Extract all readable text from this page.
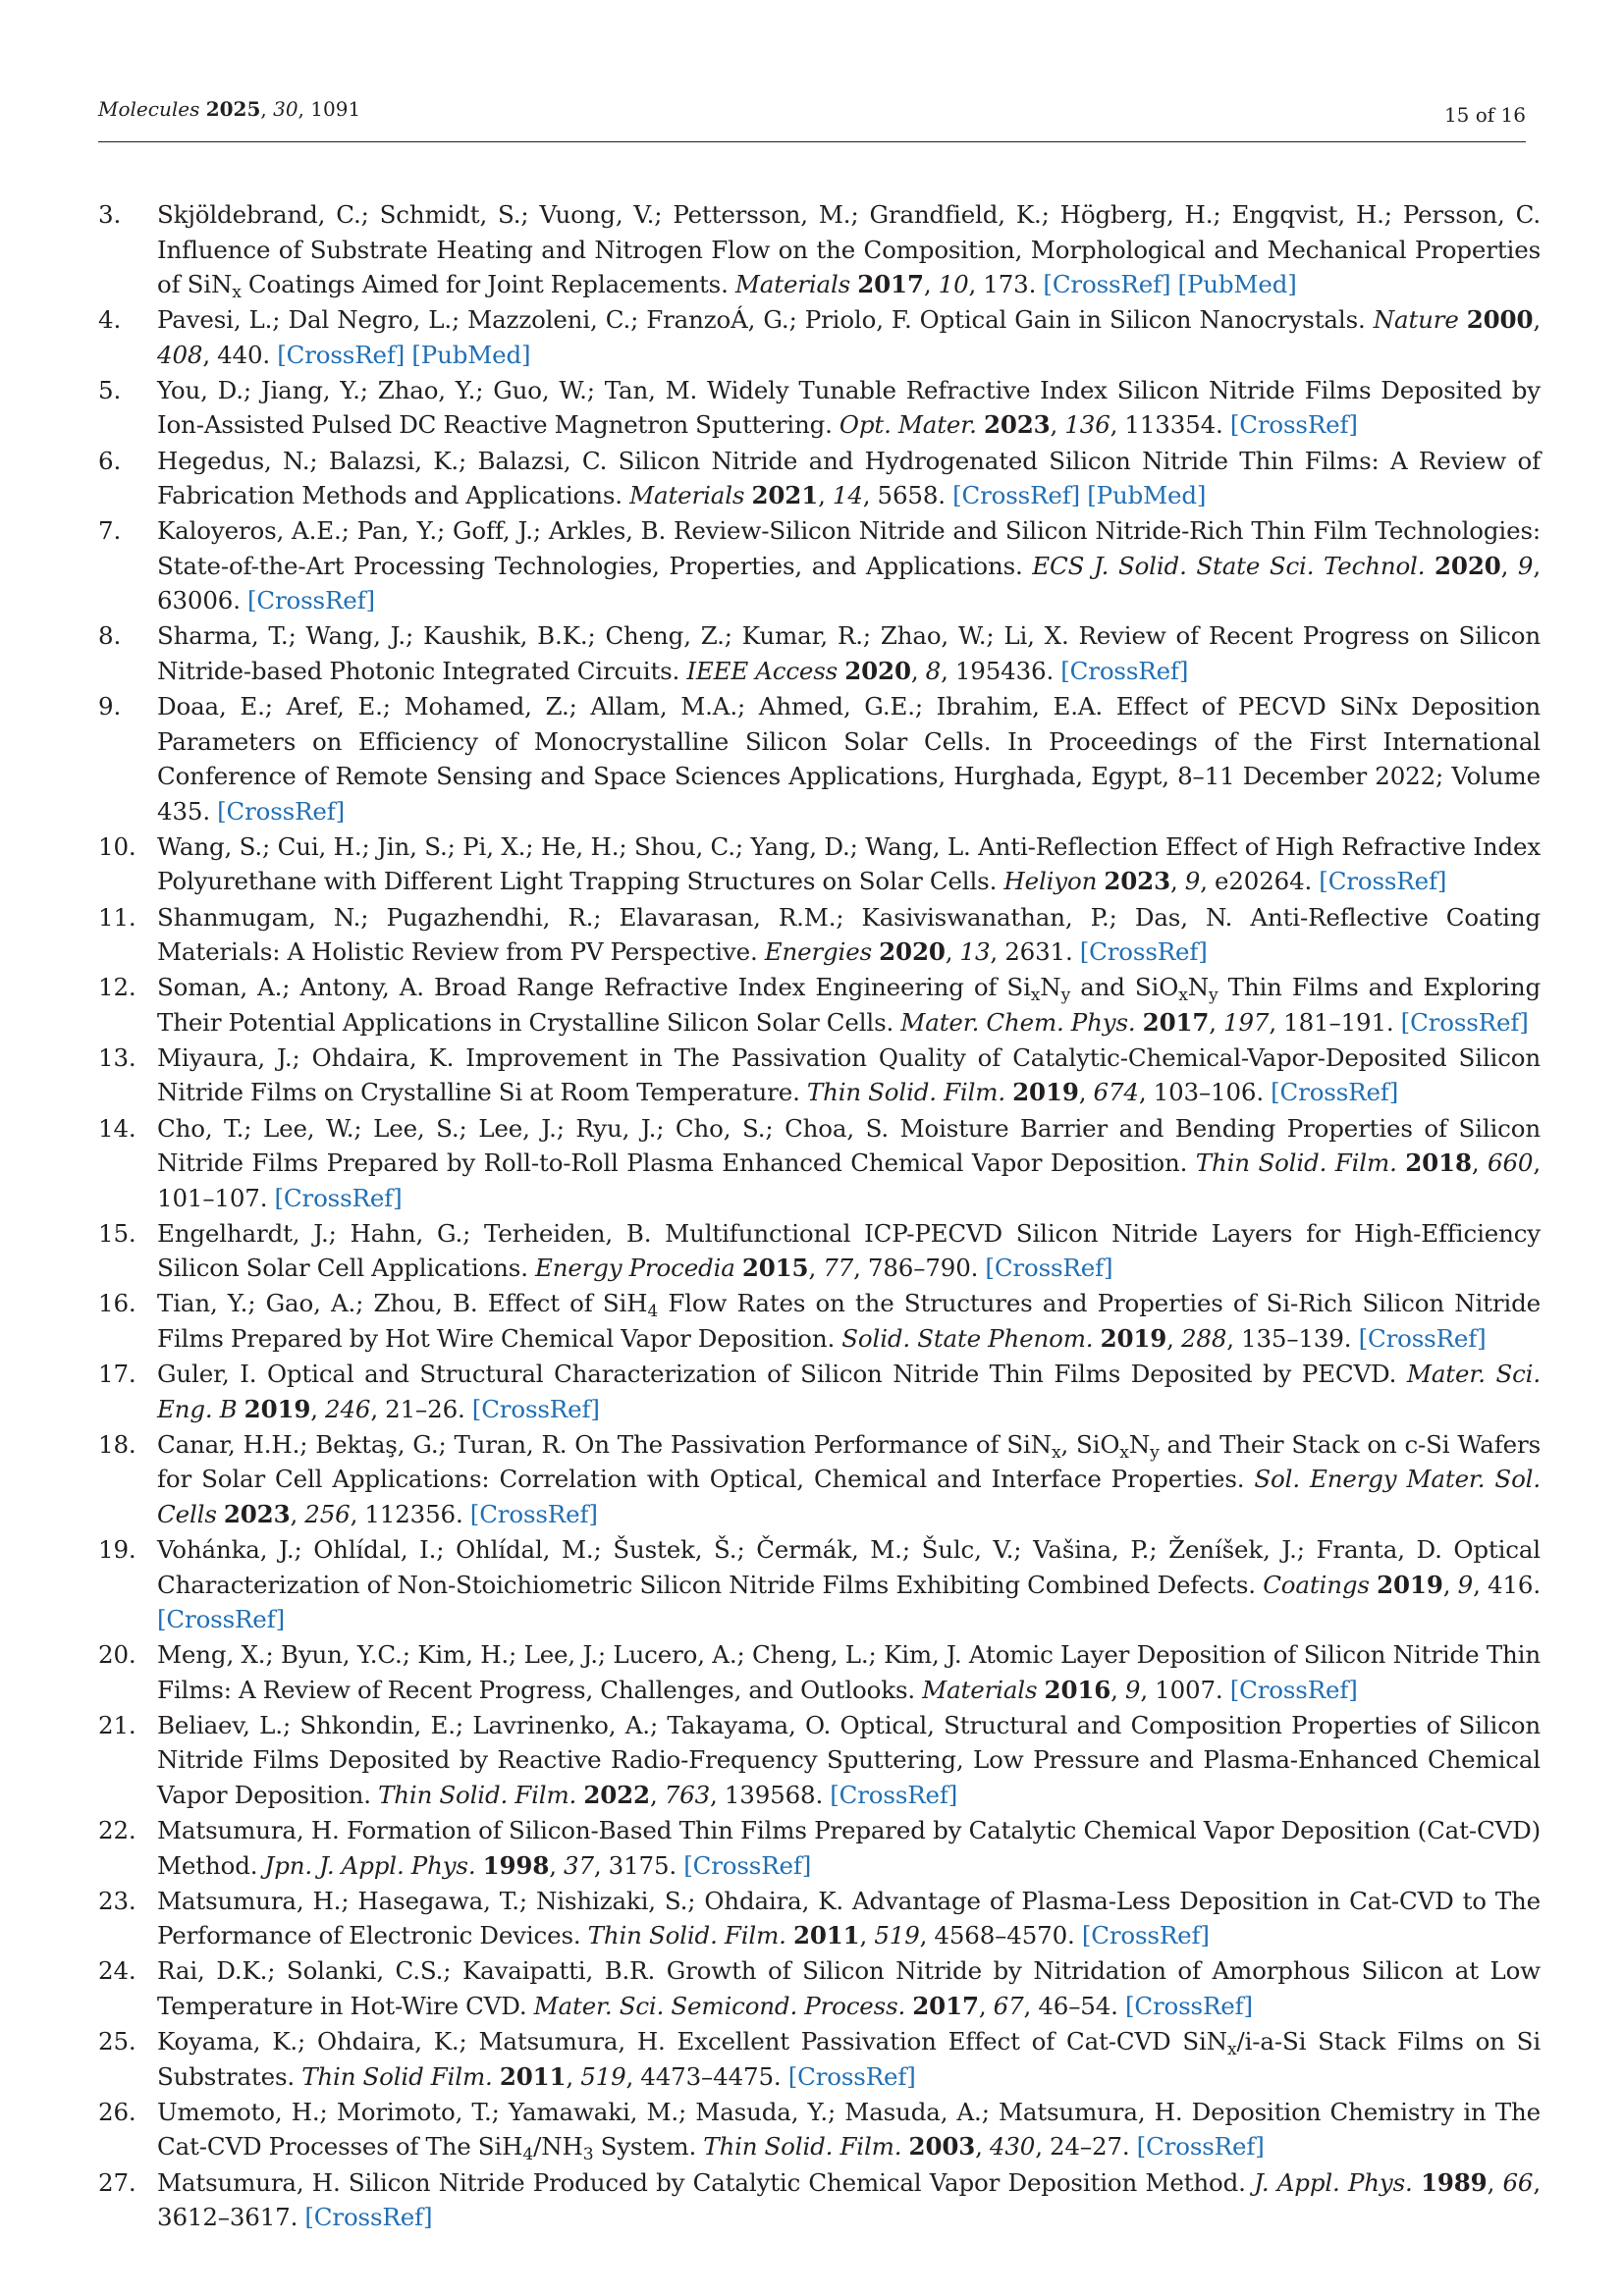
Molecules 2025, 30, 1091	15 of 16
3. Skjöldebrand, C.; Schmidt, S.; Vuong, V.; Pettersson, M.; Grandfield, K.; Högberg, H.; Engqvist, H.; Persson, C. Influence of Substrate Heating and Nitrogen Flow on the Composition, Morphological and Mechanical Properties of SiN$_x$ Coatings Aimed for Joint Replacements. Materials 2017, 10, 173. [CrossRef] [PubMed]
4. Pavesi, L.; Dal Negro, L.; Mazzoleni, C.; FranzoÁ, G.; Priolo, F. Optical Gain in Silicon Nanocrystals. Nature 2000, 408, 440. [CrossRef] [PubMed]
5. You, D.; Jiang, Y.; Zhao, Y.; Guo, W.; Tan, M. Widely Tunable Refractive Index Silicon Nitride Films Deposited by Ion-Assisted Pulsed DC Reactive Magnetron Sputtering. Opt. Mater. 2023, 136, 113354. [CrossRef]
6. Hegedus, N.; Balazsi, K.; Balazsi, C. Silicon Nitride and Hydrogenated Silicon Nitride Thin Films: A Review of Fabrication Methods and Applications. Materials 2021, 14, 5658. [CrossRef] [PubMed]
7. Kaloyeros, A.E.; Pan, Y.; Goff, J.; Arkles, B. Review-Silicon Nitride and Silicon Nitride-Rich Thin Film Technologies: State-of-the-Art Processing Technologies, Properties, and Applications. ECS J. Solid. State Sci. Technol. 2020, 9, 63006. [CrossRef]
8. Sharma, T.; Wang, J.; Kaushik, B.K.; Cheng, Z.; Kumar, R.; Zhao, W.; Li, X. Review of Recent Progress on Silicon Nitride-based Photonic Integrated Circuits. IEEE Access 2020, 8, 195436. [CrossRef]
9. Doaa, E.; Aref, E.; Mohamed, Z.; Allam, M.A.; Ahmed, G.E.; Ibrahim, E.A. Effect of PECVD SiNx Deposition Parameters on Efficiency of Monocrystalline Silicon Solar Cells. In Proceedings of the First International Conference of Remote Sensing and Space Sciences Applications, Hurghada, Egypt, 8–11 December 2022; Volume 435. [CrossRef]
10. Wang, S.; Cui, H.; Jin, S.; Pi, X.; He, H.; Shou, C.; Yang, D.; Wang, L. Anti-Reflection Effect of High Refractive Index Polyurethane with Different Light Trapping Structures on Solar Cells. Heliyon 2023, 9, e20264. [CrossRef]
11. Shanmugam, N.; Pugazhendhi, R.; Elavarasan, R.M.; Kasiviswanathan, P.; Das, N. Anti-Reflective Coating Materials: A Holistic Review from PV Perspective. Energies 2020, 13, 2631. [CrossRef]
12. Soman, A.; Antony, A. Broad Range Refractive Index Engineering of $Si_xN_y$ and $SiO_xN_y$ Thin Films and Exploring Their Potential Applications in Crystalline Silicon Solar Cells. Mater. Chem. Phys. 2017, 197, 181–191. [CrossRef]
13. Miyaura, J.; Ohdaira, K. Improvement in The Passivation Quality of Catalytic-Chemical-Vapor-Deposited Silicon Nitride Films on Crystalline Si at Room Temperature. Thin Solid. Film. 2019, 674, 103–106. [CrossRef]
14. Cho, T.; Lee, W.; Lee, S.; Lee, J.; Ryu, J.; Cho, S.; Choa, S. Moisture Barrier and Bending Properties of Silicon Nitride Films Prepared by Roll-to-Roll Plasma Enhanced Chemical Vapor Deposition. Thin Solid. Film. 2018, 660, 101–107. [CrossRef]
15. Engelhardt, J.; Hahn, G.; Terheiden, B. Multifunctional ICP-PECVD Silicon Nitride Layers for High-Efficiency Silicon Solar Cell Applications. Energy Procedia 2015, 77, 786–790. [CrossRef]
16. Tian, Y.; Gao, A.; Zhou, B. Effect of SiH$_4$ Flow Rates on the Structures and Properties of Si-Rich Silicon Nitride Films Prepared by Hot Wire Chemical Vapor Deposition. Solid. State Phenom. 2019, 288, 135–139. [CrossRef]
17. Guler, I. Optical and Structural Characterization of Silicon Nitride Thin Films Deposited by PECVD. Mater. Sci. Eng. B 2019, 246, 21–26. [CrossRef]
18. Canar, H.H.; Bektaş, G.; Turan, R. On The Passivation Performance of SiN$_x$, $SiO_xN_y$ and Their Stack on c-Si Wafers for Solar Cell Applications: Correlation with Optical, Chemical and Interface Properties. Sol. Energy Mater. Sol. Cells 2023, 256, 112356. [CrossRef]
19. Vohánka, J.; Ohlídal, I.; Ohlídal, M.; Šustek, Š.; Čermák, M.; Šulc, V.; Vašina, P.; Ženíšek, J.; Franta, D. Optical Characterization of Non-Stoichiometric Silicon Nitride Films Exhibiting Combined Defects. Coatings 2019, 9, 416. [CrossRef]
20. Meng, X.; Byun, Y.C.; Kim, H.; Lee, J.; Lucero, A.; Cheng, L.; Kim, J. Atomic Layer Deposition of Silicon Nitride Thin Films: A Review of Recent Progress, Challenges, and Outlooks. Materials 2016, 9, 1007. [CrossRef]
21. Beliaev, L.; Shkondin, E.; Lavrinenko, A.; Takayama, O. Optical, Structural and Composition Properties of Silicon Nitride Films Deposited by Reactive Radio-Frequency Sputtering, Low Pressure and Plasma-Enhanced Chemical Vapor Deposition. Thin Solid. Film. 2022, 763, 139568. [CrossRef]
22. Matsumura, H. Formation of Silicon-Based Thin Films Prepared by Catalytic Chemical Vapor Deposition (Cat-CVD) Method. Jpn. J. Appl. Phys. 1998, 37, 3175. [CrossRef]
23. Matsumura, H.; Hasegawa, T.; Nishizaki, S.; Ohdaira, K. Advantage of Plasma-Less Deposition in Cat-CVD to The Performance of Electronic Devices. Thin Solid. Film. 2011, 519, 4568–4570. [CrossRef]
24. Rai, D.K.; Solanki, C.S.; Kavaipatti, B.R. Growth of Silicon Nitride by Nitridation of Amorphous Silicon at Low Temperature in Hot-Wire CVD. Mater. Sci. Semicond. Process. 2017, 67, 46–54. [CrossRef]
25. Koyama, K.; Ohdaira, K.; Matsumura, H. Excellent Passivation Effect of Cat-CVD SiN$_x$/i-a-Si Stack Films on Si Substrates. Thin Solid Film. 2011, 519, 4473–4475. [CrossRef]
26. Umemoto, H.; Morimoto, T.; Yamawaki, M.; Masuda, Y.; Masuda, A.; Matsumura, H. Deposition Chemistry in The Cat-CVD Processes of The $SiH_4/NH_3$ System. Thin Solid. Film. 2003, 430, 24–27. [CrossRef]
27. Matsumura, H. Silicon Nitride Produced by Catalytic Chemical Vapor Deposition Method. J. Appl. Phys. 1989, 66, 3612–3617. [CrossRef]
